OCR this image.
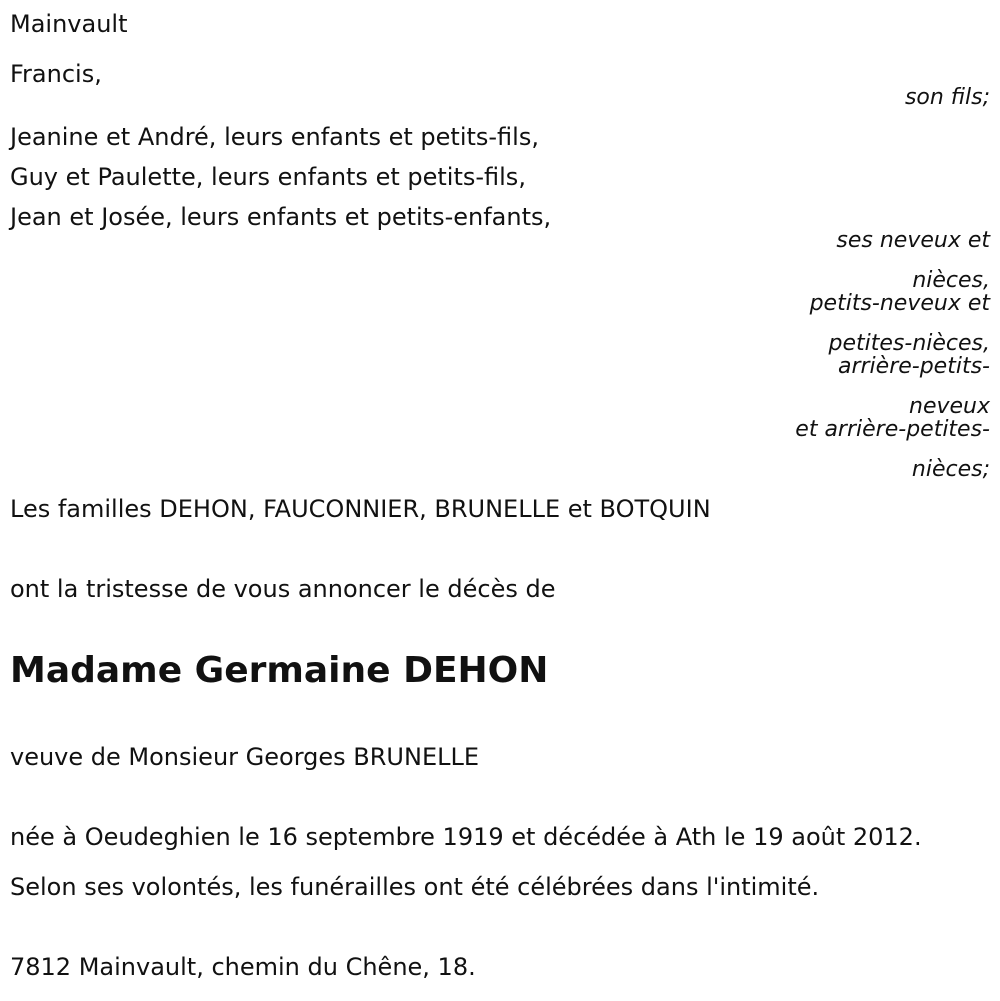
Mainvault
Francis,
son fils;
Jeanine et André, leurs enfants et petits-fils,
Guy et Paulette, leurs enfants et petits-fils,
Jean et Josée, leurs enfants et petits-enfants,
ses neveux et
nièces,
petits-neveux et
petites-nièces,
arrière-petits-
neveux
et arrière-petites-
nièces;
Les familles DEHON, FAUCONNIER, BRUNELLE et BOTQUIN
ont la tristesse de vous annoncer le décès de
Madame Germaine DEHON
veuve de Monsieur Georges BRUNELLE
née à Oeudeghien le 16 septembre 1919 et décédée à Ath le 19 août 2012.
Selon ses volontés, les funérailles ont été célébrées dans l'intimité.
7812 Mainvault, chemin du Chêne, 18.
